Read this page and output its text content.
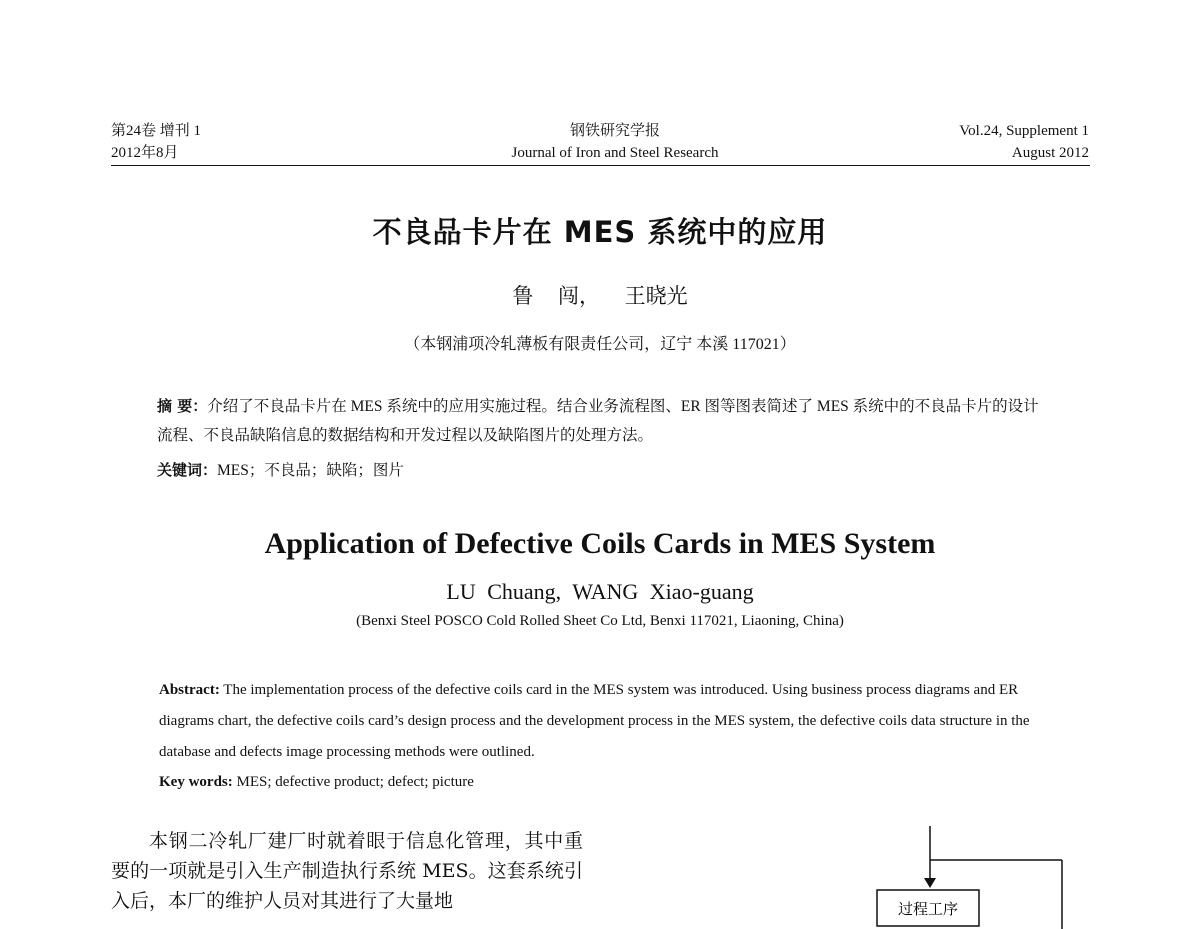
第24卷 增刊 1
2012年8月
钢铁研究学报
Journal of Iron and Steel Research
Vol.24, Supplement 1
August 2012
不良品卡片在 MES 系统中的应用
鲁 闯， 王晓光
（本钢浦项冷轧薄板有限责任公司，辽宁 本溪 117021）
摘 要：介绍了不良品卡片在 MES 系统中的应用实施过程。结合业务流程图、ER 图等图表简述了 MES 系统中的不良品卡片的设计流程、不良品缺陷信息的数据结构和开发过程以及缺陷图片的处理方法。
关键词：MES；不良品；缺陷；图片
Application of Defective Coils Cards in MES System
LU Chuang, WANG Xiao-guang
(Benxi Steel POSCO Cold Rolled Sheet Co Ltd, Benxi 117021, Liaoning, China)
Abstract: The implementation process of the defective coils card in the MES system was introduced. Using business process diagrams and ER diagrams chart, the defective coils card’s design process and the development process in the MES system, the defective coils data structure in the database and defects image processing methods were outlined.
Key words: MES; defective product; defect; picture

本钢二冷轧厂建厂时就着眼于信息化管理，其中重要的一项就是引入生产制造执行系统 MES。这套系统引入后，本厂的维护人员对其进行了大量地	过程工序
